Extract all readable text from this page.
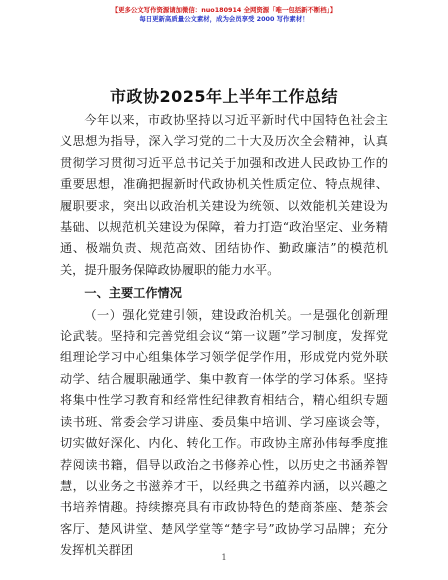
【更多公文写作资源请加微信：nuo180914 全网资源「唯一包括新不断档」】
每日更新高质量公文素材，成为会员享受 2000 写作素材！
市政协2025年上半年工作总结

今年以来，市政协坚持以习近平新时代中国特色社会主义思想为指导，深入学习党的二十大及历次全会精神，认真贯彻学习贯彻习近平总书记关于加强和改进人民政协工作的重要思想，准确把握新时代政协机关性质定位、特点规律、履职要求，突出以政治机关建设为统领、以效能机关建设为基础、以规范机关建设为保障，着力打造“政治坚定、业务精通、极端负责、规范高效、团结协作、勤政廉洁”的模范机关，提升服务保障政协履职的能力水平。

一、主要工作情况

（一）强化党建引领，建设政治机关。一是强化创新理论武装。坚持和完善党组会议“第一议题”学习制度，发挥党组理论学习中心组集体学习领学促学作用，形成党内党外联动学、结合履职融通学、集中教育一体学的学习体系。坚持将集中性学习教育和经常性纪律教育相结合，精心组织专题读书班、常委会学习讲座、委员集中培训、学习座谈会等，切实做好深化、内化、转化工作。市政协主席孙伟每季度推荐阅读书籍，倡导以政治之书修养心性，以历史之书涵养智慧，以业务之书滋养才干，以经典之书蕴养内涵，以兴趣之书培养情趣。持续擦亮具有市政协特色的楚商茶座、楚茶会客厅、楚风讲堂、楚风学堂等“楚字号”政协学习品牌；充分发挥机关群团

1
